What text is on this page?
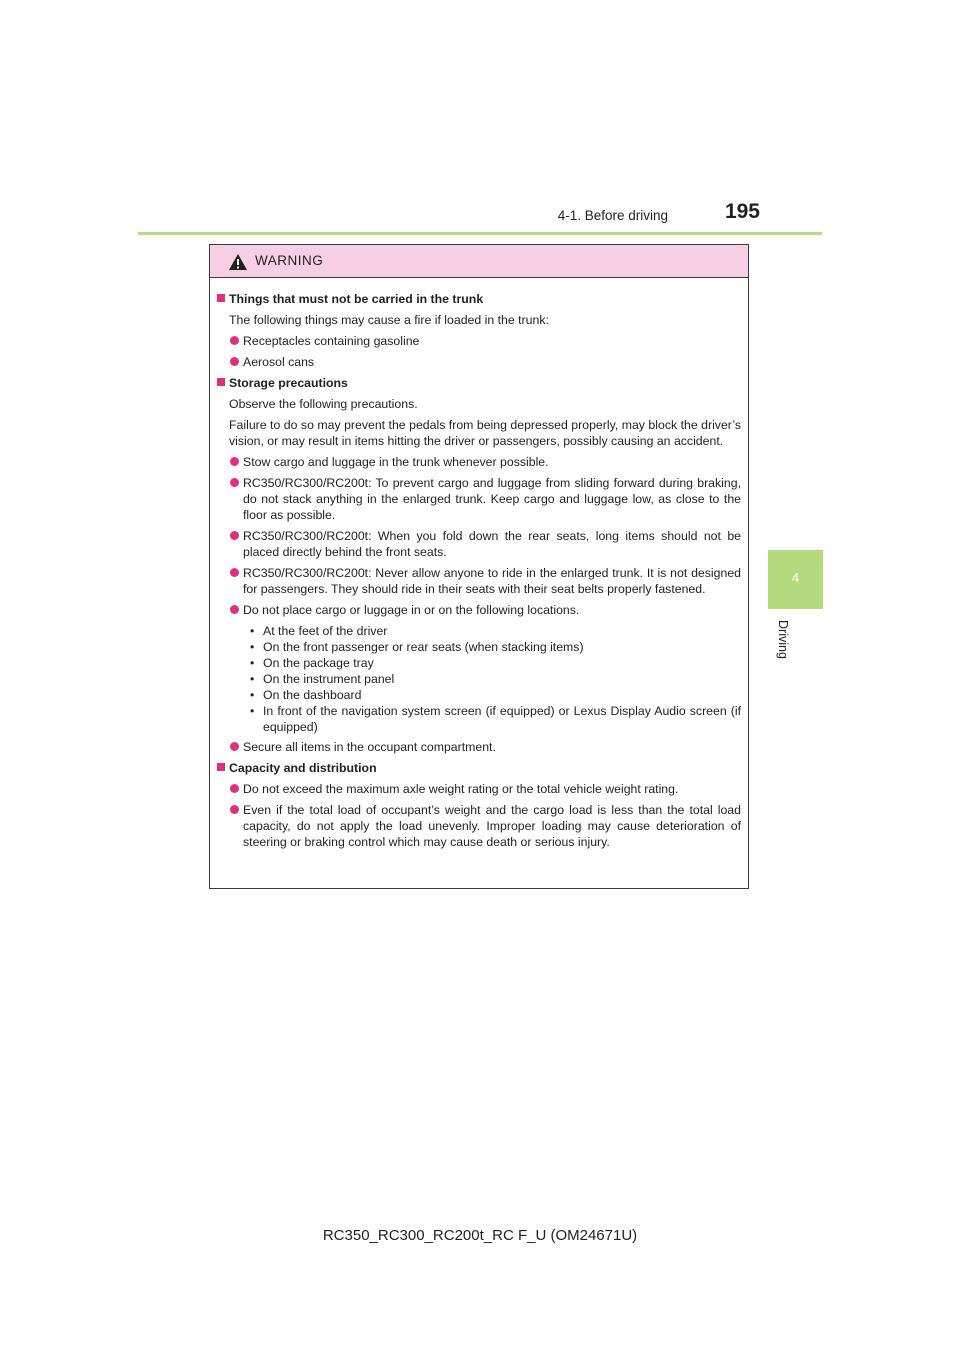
4-1. Before driving	195
4
Driving
WARNING
Things that must not be carried in the trunk
The following things may cause a fire if loaded in the trunk:
Receptacles containing gasoline
Aerosol cans
Storage precautions
Observe the following precautions.
Failure to do so may prevent the pedals from being depressed properly, may block the driver’s vision, or may result in items hitting the driver or passengers, possibly causing an accident.
Stow cargo and luggage in the trunk whenever possible.
RC350/RC300/RC200t: To prevent cargo and luggage from sliding forward during braking, do not stack anything in the enlarged trunk. Keep cargo and luggage low, as close to the floor as possible.
RC350/RC300/RC200t: When you fold down the rear seats, long items should not be placed directly behind the front seats.
RC350/RC300/RC200t: Never allow anyone to ride in the enlarged trunk. It is not designed for passengers. They should ride in their seats with their seat belts properly fastened.
Do not place cargo or luggage in or on the following locations.
• At the feet of the driver
• On the front passenger or rear seats (when stacking items)
• On the package tray
• On the instrument panel
• On the dashboard
• In front of the navigation system screen (if equipped) or Lexus Display Audio screen (if equipped)
Secure all items in the occupant compartment.
Capacity and distribution
Do not exceed the maximum axle weight rating or the total vehicle weight rating.
Even if the total load of occupant’s weight and the cargo load is less than the total load capacity, do not apply the load unevenly. Improper loading may cause deterioration of steering or braking control which may cause death or serious injury.
RC350_RC300_RC200t_RC F_U (OM24671U)
